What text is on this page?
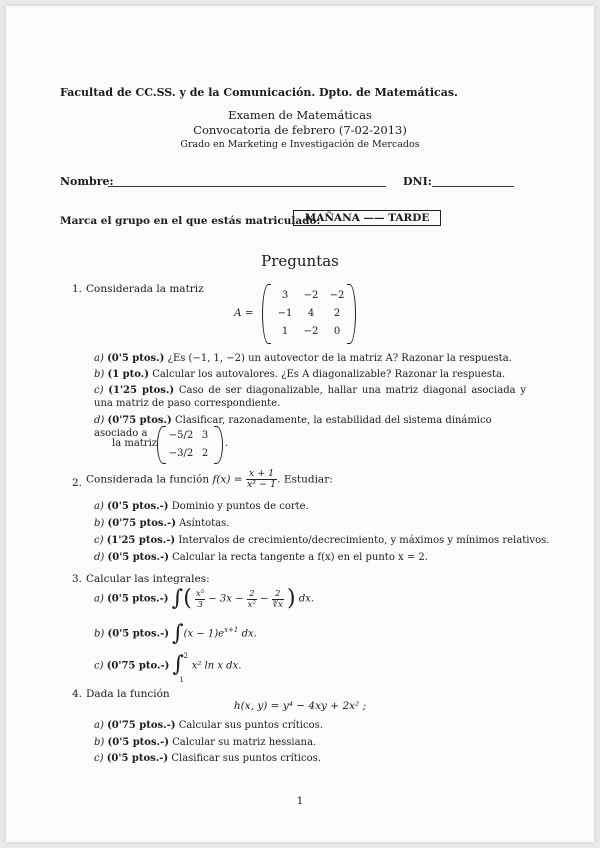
Facultad de CC.SS. y de la Comunicación. Dpto. de Matemáticas.
Examen de Matemáticas
Convocatoria de febrero (7-02-2013)
Grado en Marketing e Investigación de Mercados
Nombre:	DNI:
Marca el grupo en el que estás matriculado:
MAÑANA —— TARDE
Preguntas
1. Considerada la matriz
A =
3	−2	−2
−1	4	2
1	−2	0
a) (0'5 ptos.) ¿Es (−1, 1, −2) un autovector de la matriz A? Razonar la respuesta.
b) (1 pto.) Calcular los autovalores. ¿Es A diagonalizable? Razonar la respuesta.
c) (1'25 ptos.) Caso de ser diagonalizable, hallar una matriz diagonal asociada y una matriz de paso correspondiente.
d) (0'75 ptos.) Clasificar, razonadamente, la estabilidad del sistema dinámico asociado a
la matriz
−5/2 3
−3/2 2
.
2. Considerada la función $f(x) = \frac{x + 1}{\text{x² − 1}}$ . Estudiar:
a) (0'5 ptos.-) Dominio y puntos de corte.
b) (0'75 ptos.-) Asíntotas.
c) (1'25 ptos.-) Intervalos de crecimiento/decrecimiento, y máximos y mínimos relativos.
d) (0'5 ptos.-) Calcular la recta tangente a f(x) en el punto x = 2.
3. Calcular las integrales:
a) (0'5 ptos.-) ∫( $\frac{\text{x⁵}}{3} - 3x - \frac{2}{\text{x²}} - \frac{2}{∜x}$ ) dx.
b) (0'5 ptos.-) $\int(x - 1)e^{x+1}$ dx.
c) (0'75 pto.-) ∫ 2
1
x² ln x dx.
4. Dada la función
h(x, y) = y⁴ − 4xy + 2x² ;
a) (0'75 ptos.-) Calcular sus puntos críticos.
b) (0'5 ptos.-) Calcular su matriz hessiana.
c) (0'5 ptos.-) Clasificar sus puntos críticos.
1
